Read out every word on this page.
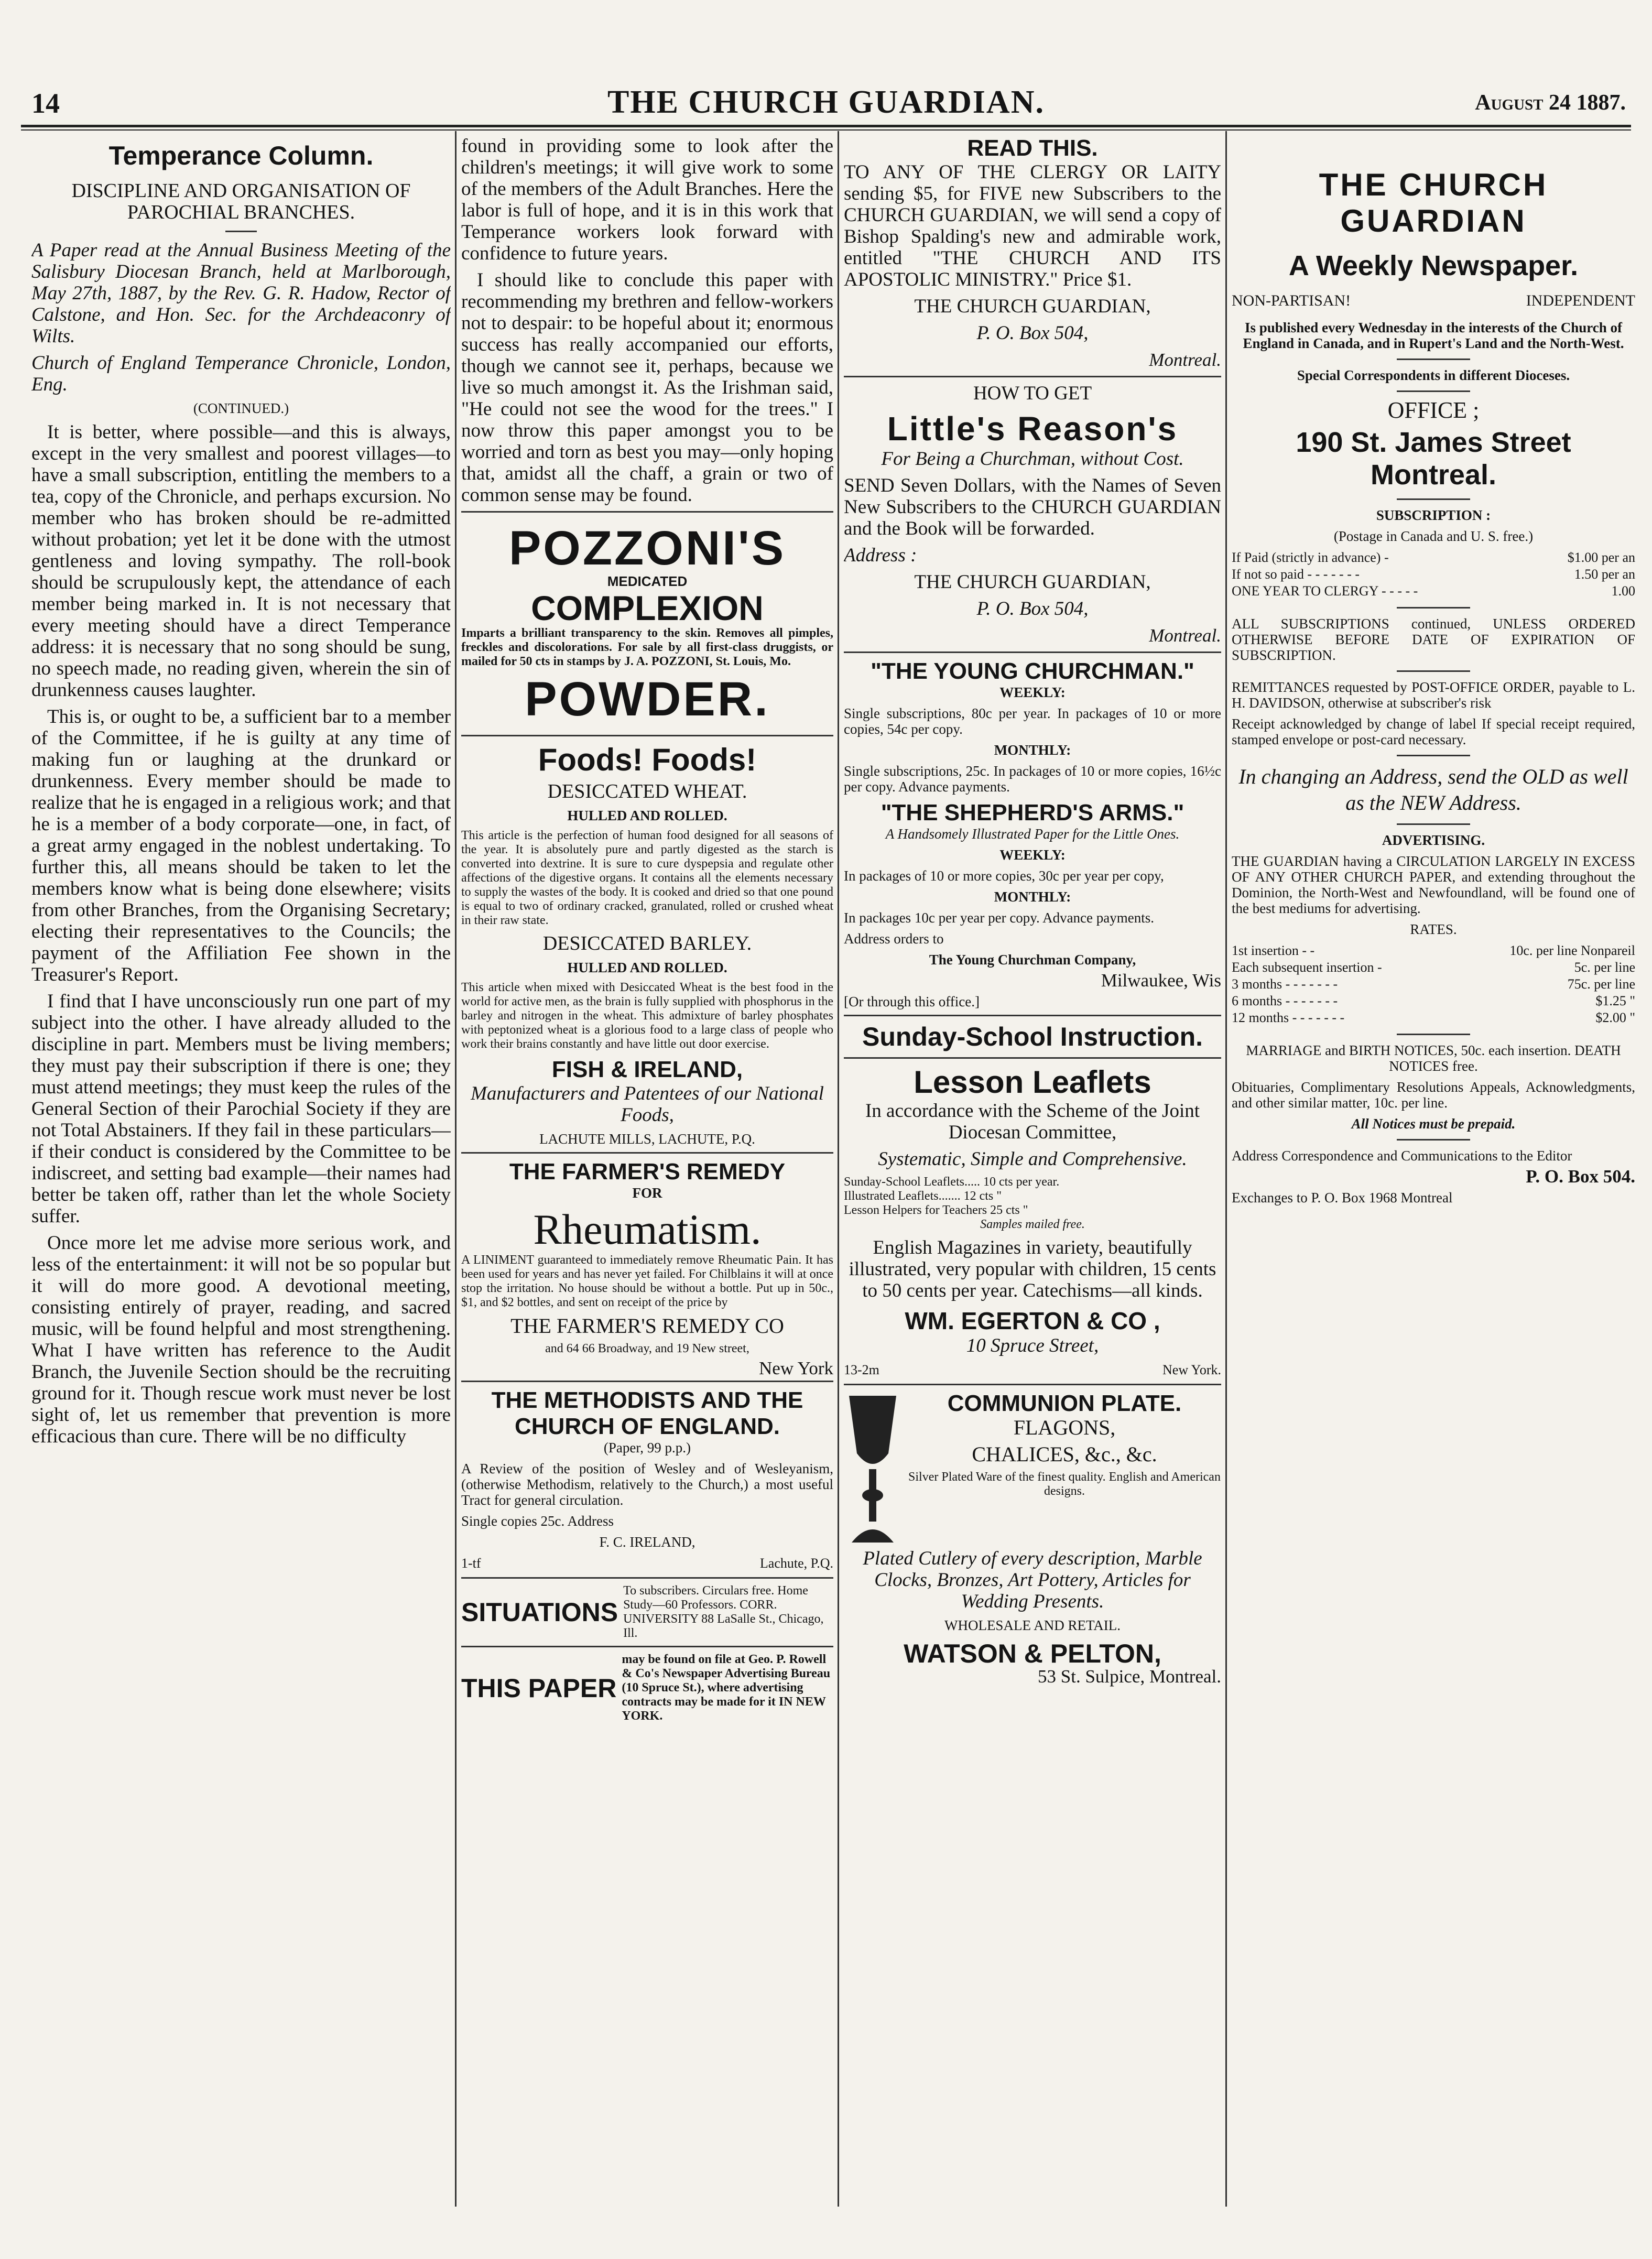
14	THE CHURCH GUARDIAN.	August 24 1887.
Temperance Column.

DISCIPLINE AND ORGANISATION OF PAROCHIAL BRANCHES.

A Paper read at the Annual Business Meeting of the Salisbury Diocesan Branch, held at Marlborough, May 27th, 1887, by the Rev. G. R. Hadow, Rector of Calstone, and Hon. Sec. for the Archdeaconry of Wilts.

Church of England Temperance Chronicle, London, Eng.

(CONTINUED.)

It is better, where possible—and this is always, except in the very smallest and poorest villages—to have a small subscription, entitling the members to a tea, copy of the Chronicle, and perhaps excursion. No member who has broken should be re-admitted without probation; yet let it be done with the utmost gentleness and loving sympathy. The roll-book should be scrupulously kept, the attendance of each member being marked in. It is not necessary that every meeting should have a direct Temperance address: it is necessary that no song should be sung, no speech made, no reading given, wherein the sin of drunkenness causes laughter.

This is, or ought to be, a sufficient bar to a member of the Committee, if he is guilty at any time of making fun or laughing at the drunkard or drunkenness. Every member should be made to realize that he is engaged in a religious work; and that he is a member of a body corporate—one, in fact, of a great army engaged in the noblest undertaking. To further this, all means should be taken to let the members know what is being done elsewhere; visits from other Branches, from the Organising Secretary; electing their representatives to the Councils; the payment of the Affiliation Fee shown in the Treasurer's Report.

I find that I have unconsciously run one part of my subject into the other. I have already alluded to the discipline in part. Members must be living members; they must pay their subscription if there is one; they must attend meetings; they must keep the rules of the General Section of their Parochial Society if they are not Total Abstainers. If they fail in these particulars—if their conduct is considered by the Committee to be indiscreet, and setting bad example—their names had better be taken off, rather than let the whole Society suffer.

Once more let me advise more serious work, and less of the entertainment: it will not be so popular but it will do more good. A devotional meeting, consisting entirely of prayer, reading, and sacred music, will be found helpful and most strengthening. What I have written has reference to the Audit Branch, the Juvenile Section should be the recruiting ground for it. Though rescue work must never be lost sight of, let us remember that prevention is more efficacious than cure. There will be no difficulty

found in providing some to look after the children's meetings; it will give work to some of the members of the Adult Branches. Here the labor is full of hope, and it is in this work that Temperance workers look forward with confidence to future years.

I should like to conclude this paper with recommending my brethren and fellow-workers not to despair: to be hopeful about it; enormous success has really accompanied our efforts, though we cannot see it, perhaps, because we live so much amongst it. As the Irishman said, "He could not see the wood for the trees." I now throw this paper amongst you to be worried and torn as best you may—only hoping that, amidst all the chaff, a grain or two of common sense may be found.

POZZONI'S
MEDICATED
COMPLEXION

Imparts a brilliant transparency to the skin. Removes all pimples, freckles and discolorations. For sale by all first-class druggists, or mailed for 50 cts in stamps by J. A. POZZONI, St. Louis, Mo.

POWDER.
Foods! Foods!

DESICCATED WHEAT.

HULLED AND ROLLED.

This article is the perfection of human food designed for all seasons of the year. It is absolutely pure and partly digested as the starch is converted into dextrine. It is sure to cure dyspepsia and regulate other affections of the digestive organs. It contains all the elements necessary to supply the wastes of the body. It is cooked and dried so that one pound is equal to two of ordinary cracked, granulated, rolled or crushed wheat in their raw state.

DESICCATED BARLEY.

HULLED AND ROLLED.

This article when mixed with Desiccated Wheat is the best food in the world for active men, as the brain is fully supplied with phosphorus in the barley and nitrogen in the wheat. This admixture of barley phosphates with peptonized wheat is a glorious food to a large class of people who work their brains constantly and have little out door exercise.

FISH & IRELAND,

Manufacturers and Patentees of our National Foods,

LACHUTE MILLS, LACHUTE, P.Q.

THE FARMER'S REMEDY

FOR

Rheumatism.

A LINIMENT guaranteed to immediately remove Rheumatic Pain. It has been used for years and has never yet failed. For Chilblains it will at once stop the irritation. No house should be without a bottle. Put up in 50c., $1, and $2 bottles, and sent on receipt of the price by

THE FARMER'S REMEDY CO

and 64 66 Broadway, and 19 New street,

New York

THE METHODISTS AND THE CHURCH OF ENGLAND.

(Paper, 99 p.p.)

A Review of the position of Wesley and of Wesleyanism, (otherwise Methodism, relatively to the Church,) a most useful Tract for general circulation.

Single copies 25c. Address

F. C. IRELAND,

1-tf	Lachute, P.Q.
SITUATIONS
To subscribers. Circulars free. Home Study—60 Professors. CORR. UNIVERSITY 88 LaSalle St., Chicago, Ill.
THIS PAPER
may be found on file at Geo. P. Rowell & Co's Newspaper Advertising Bureau (10 Spruce St.), where advertising contracts may be made for it IN NEW YORK.
READ THIS.

TO ANY OF THE CLERGY OR LAITY sending $5, for FIVE new Subscribers to the CHURCH GUARDIAN, we will send a copy of Bishop Spalding's new and admirable work, entitled "THE CHURCH AND ITS APOSTOLIC MINISTRY." Price $1.

THE CHURCH GUARDIAN,

P. O. Box 504,

Montreal.

HOW TO GET

Little's Reason's

For Being a Churchman, without Cost.

SEND Seven Dollars, with the Names of Seven New Subscribers to the CHURCH GUARDIAN and the Book will be forwarded.

Address :

THE CHURCH GUARDIAN,

P. O. Box 504,

Montreal.

"THE YOUNG CHURCHMAN."

WEEKLY:

Single subscriptions, 80c per year. In packages of 10 or more copies, 54c per copy.

MONTHLY:

Single subscriptions, 25c. In packages of 10 or more copies, 16½c per copy. Advance payments.

"THE SHEPHERD'S ARMS."

A Handsomely Illustrated Paper for the Little Ones.

WEEKLY:

In packages of 10 or more copies, 30c per year per copy,

MONTHLY:

In packages 10c per year per copy. Advance payments.

Address orders to

The Young Churchman Company,

Milwaukee, Wis

[Or through this office.]

Sunday-School Instruction.
Lesson Leaflets

In accordance with the Scheme of the Joint Diocesan Committee,

Systematic, Simple and Comprehensive.

Sunday-School Leaflets..... 10 cts per year.

Illustrated Leaflets....... 12 cts "

Lesson Helpers for Teachers 25 cts "

Samples mailed free.

English Magazines in variety, beautifully illustrated, very popular with children, 15 cents to 50 cents per year. Catechisms—all kinds.

WM. EGERTON & CO ,

10 Spruce Street,

13-2m	New York.
COMMUNION PLATE.

FLAGONS,

CHALICES, &c., &c.

Silver Plated Ware of the finest quality. English and American designs.

Plated Cutlery of every description, Marble Clocks, Bronzes, Art Pottery, Articles for Wedding Presents.

WHOLESALE AND RETAIL.

WATSON & PELTON,

53 St. Sulpice, Montreal.

THE CHURCH GUARDIAN
A Weekly Newspaper.
NON-PARTISAN!	INDEPENDENT

Is published every Wednesday in the interests of the Church of England in Canada, and in Rupert's Land and the North-West.

Special Correspondents in different Dioceses.

OFFICE ;

190 St. James Street Montreal.

SUBSCRIPTION :

(Postage in Canada and U. S. free.)

If Paid (strictly in advance) -	$1.00 per an
If not so paid - - - - - - -	1.50 per an
ONE YEAR TO CLERGY - - - - -	1.00

ALL SUBSCRIPTIONS continued, UNLESS ORDERED OTHERWISE BEFORE DATE OF EXPIRATION OF SUBSCRIPTION.

REMITTANCES requested by POST-OFFICE ORDER, payable to L. H. DAVIDSON, otherwise at subscriber's risk

Receipt acknowledged by change of label If special receipt required, stamped envelope or post-card necessary.

In changing an Address, send the OLD as well as the NEW Address.

ADVERTISING.

THE GUARDIAN having a CIRCULATION LARGELY IN EXCESS OF ANY OTHER CHURCH PAPER, and extending throughout the Dominion, the North-West and Newfoundland, will be found one of the best mediums for advertising.

RATES.

1st insertion - -	10c. per line Nonpareil
Each subsequent insertion -	5c. per line
3 months - - - - - - -	75c. per line
6 months - - - - - - -	$1.25 "
12 months - - - - - - -	$2.00 "

MARRIAGE and BIRTH NOTICES, 50c. each insertion. DEATH NOTICES free.

Obituaries, Complimentary Resolutions Appeals, Acknowledgments, and other similar matter, 10c. per line.

All Notices must be prepaid.

Address Correspondence and Communications to the Editor

P. O. Box 504.

Exchanges to P. O. Box 1968 Montreal
